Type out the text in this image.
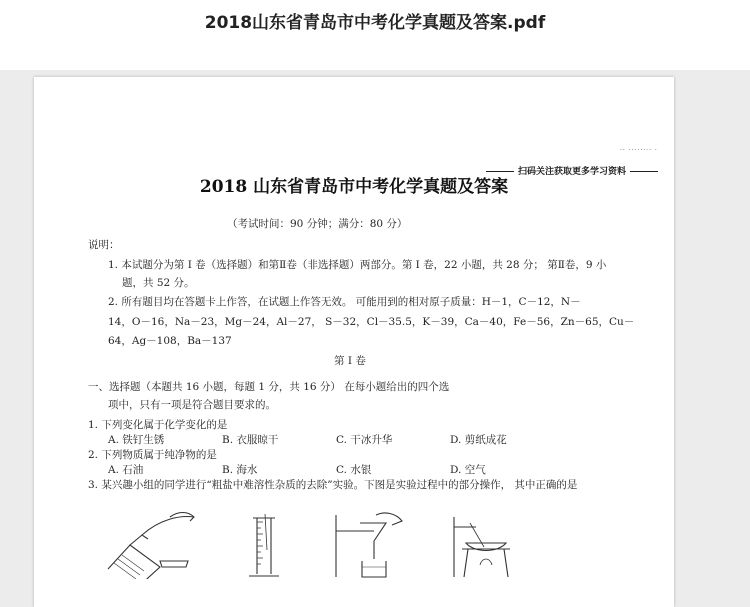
2018山东省青岛市中考化学真题及答案.pdf
·· ········ ·
扫码关注获取更多学习资料
2018 山东省青岛市中考化学真题及答案
（考试时间：90 分钟；满分：80 分）
说明：
1. 本试题分为第 I 卷（选择题）和第Ⅱ卷（非选择题）两部分。第 I 卷，22 小题，共 28 分； 第Ⅱ卷，9 小
题，共 52 分。
2. 所有题目均在答题卡上作答，在试题上作答无效。 可能用到的相对原子质量：H－1，C－12，N－
14，O－16，Na－23，Mg－24，Al－27， S－32，Cl－35.5，K－39，Ca－40，Fe－56，Zn－65，Cu－
64，Ag－108，Ba－137
第 I 卷
一、选择题（本题共 16 小题，每题 1 分，共 16 分） 在每小题给出的四个选
项中，只有一项是符合题目要求的。
1. 下列变化属于化学变化的是
A. 铁钉生锈	B. 衣服晾干	C. 干冰升华	D. 剪纸成花
2. 下列物质属于纯净物的是
A. 石油	B. 海水	C. 水银	D. 空气
3. 某兴趣小组的同学进行“粗盐中难溶性杂质的去除”实验。下图是实验过程中的部分操作， 其中正确的是
